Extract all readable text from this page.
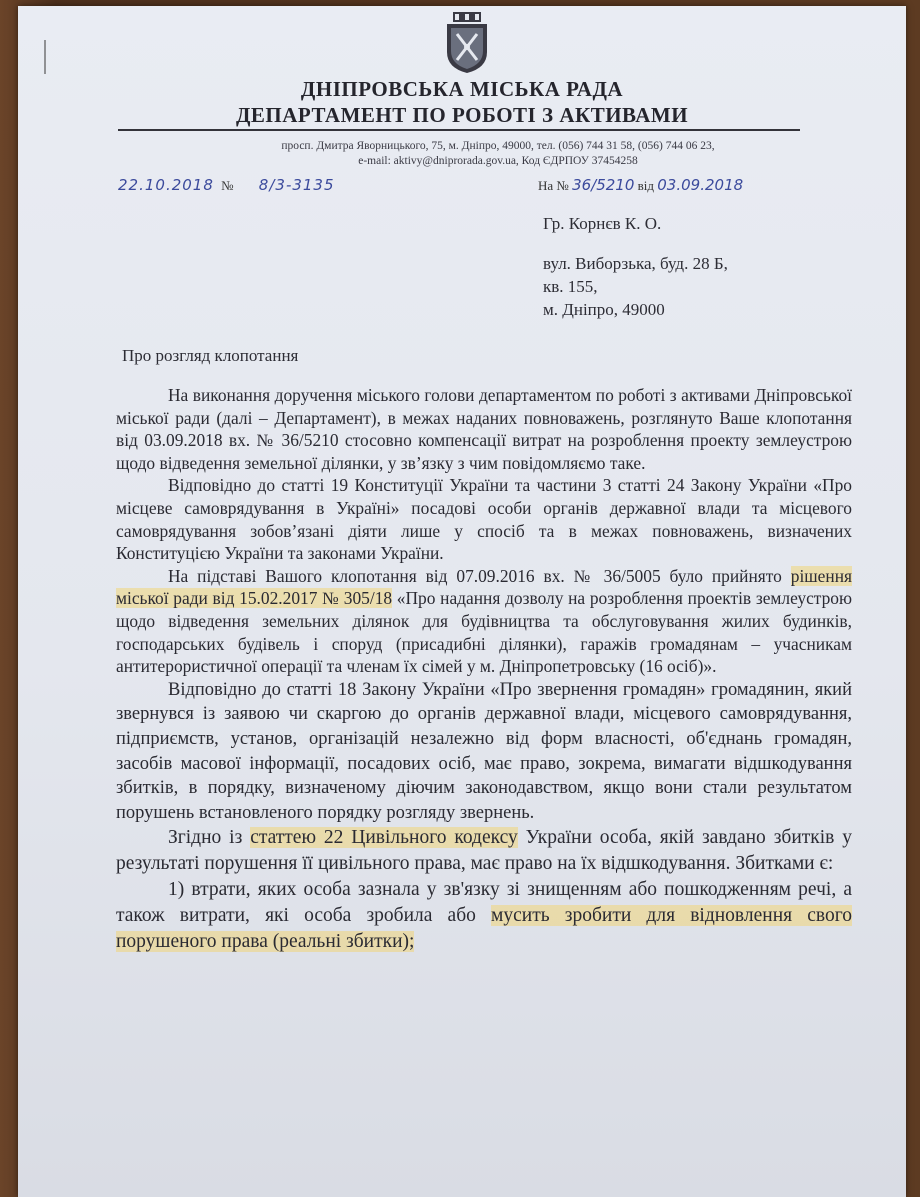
ДНІПРОВСЬКА МІСЬКА РАДА
ДЕПАРТАМЕНТ ПО РОБОТІ З АКТИВАМИ
просп. Дмитра Яворницького, 75, м. Дніпро, 49000, тел. (056) 744 31 58, (056) 744 06 23,
e-mail: aktivy@dniprorada.gov.ua, Код ЄДРПОУ 37454258
22.10.2018 № 8/3-3135	На № 36/5210 від 03.09.2018
Гр. Корнєв К. О.
вул. Виборзька, буд. 28 Б,
кв. 155,
м. Дніпро, 49000
Про розгляд клопотання

На виконання доручення міського голови департаментом по роботі з активами Дніпровської міської ради (далі – Департамент), в межах наданих повноважень, розглянуто Ваше клопотання від 03.09.2018 вх. № 36/5210 стосовно компенсації витрат на розроблення проекту землеустрою щодо відведення земельної ділянки, у зв’язку з чим повідомляємо таке.

Відповідно до статті 19 Конституції України та частини 3 статті 24 Закону України «Про місцеве самоврядування в Україні» посадові особи органів державної влади та місцевого самоврядування зобов’язані діяти лише у спосіб та в межах повноважень, визначених Конституцією України та законами України.

На підставі Вашого клопотання від 07.09.2016 вх. № 36/5005 було прийнято рішення міської ради від 15.02.2017 № 305/18 «Про надання дозволу на розроблення проектів землеустрою щодо відведення земельних ділянок для будівництва та обслуговування жилих будинків, господарських будівель і споруд (присадибні ділянки), гаражів громадянам – учасникам антитерористичної операції та членам їх сімей у м. Дніпропетровську (16 осіб)».

Відповідно до статті 18 Закону України «Про звернення громадян» громадянин, який звернувся із заявою чи скаргою до органів державної влади, місцевого самоврядування, підприємств, установ, організацій незалежно від форм власності, об'єднань громадян, засобів масової інформації, посадових осіб, має право, зокрема, вимагати відшкодування збитків, в порядку, визначеному діючим законодавством, якщо вони стали результатом порушень встановленого порядку розгляду звернень.

Згідно із статтею 22 Цивільного кодексу України особа, якій завдано збитків у результаті порушення її цивільного права, має право на їх відшкодування. Збитками є:

1) втрати, яких особа зазнала у зв'язку зі знищенням або пошкодженням речі, а також витрати, які особа зробила або мусить зробити для відновлення свого порушеного права (реальні збитки);
